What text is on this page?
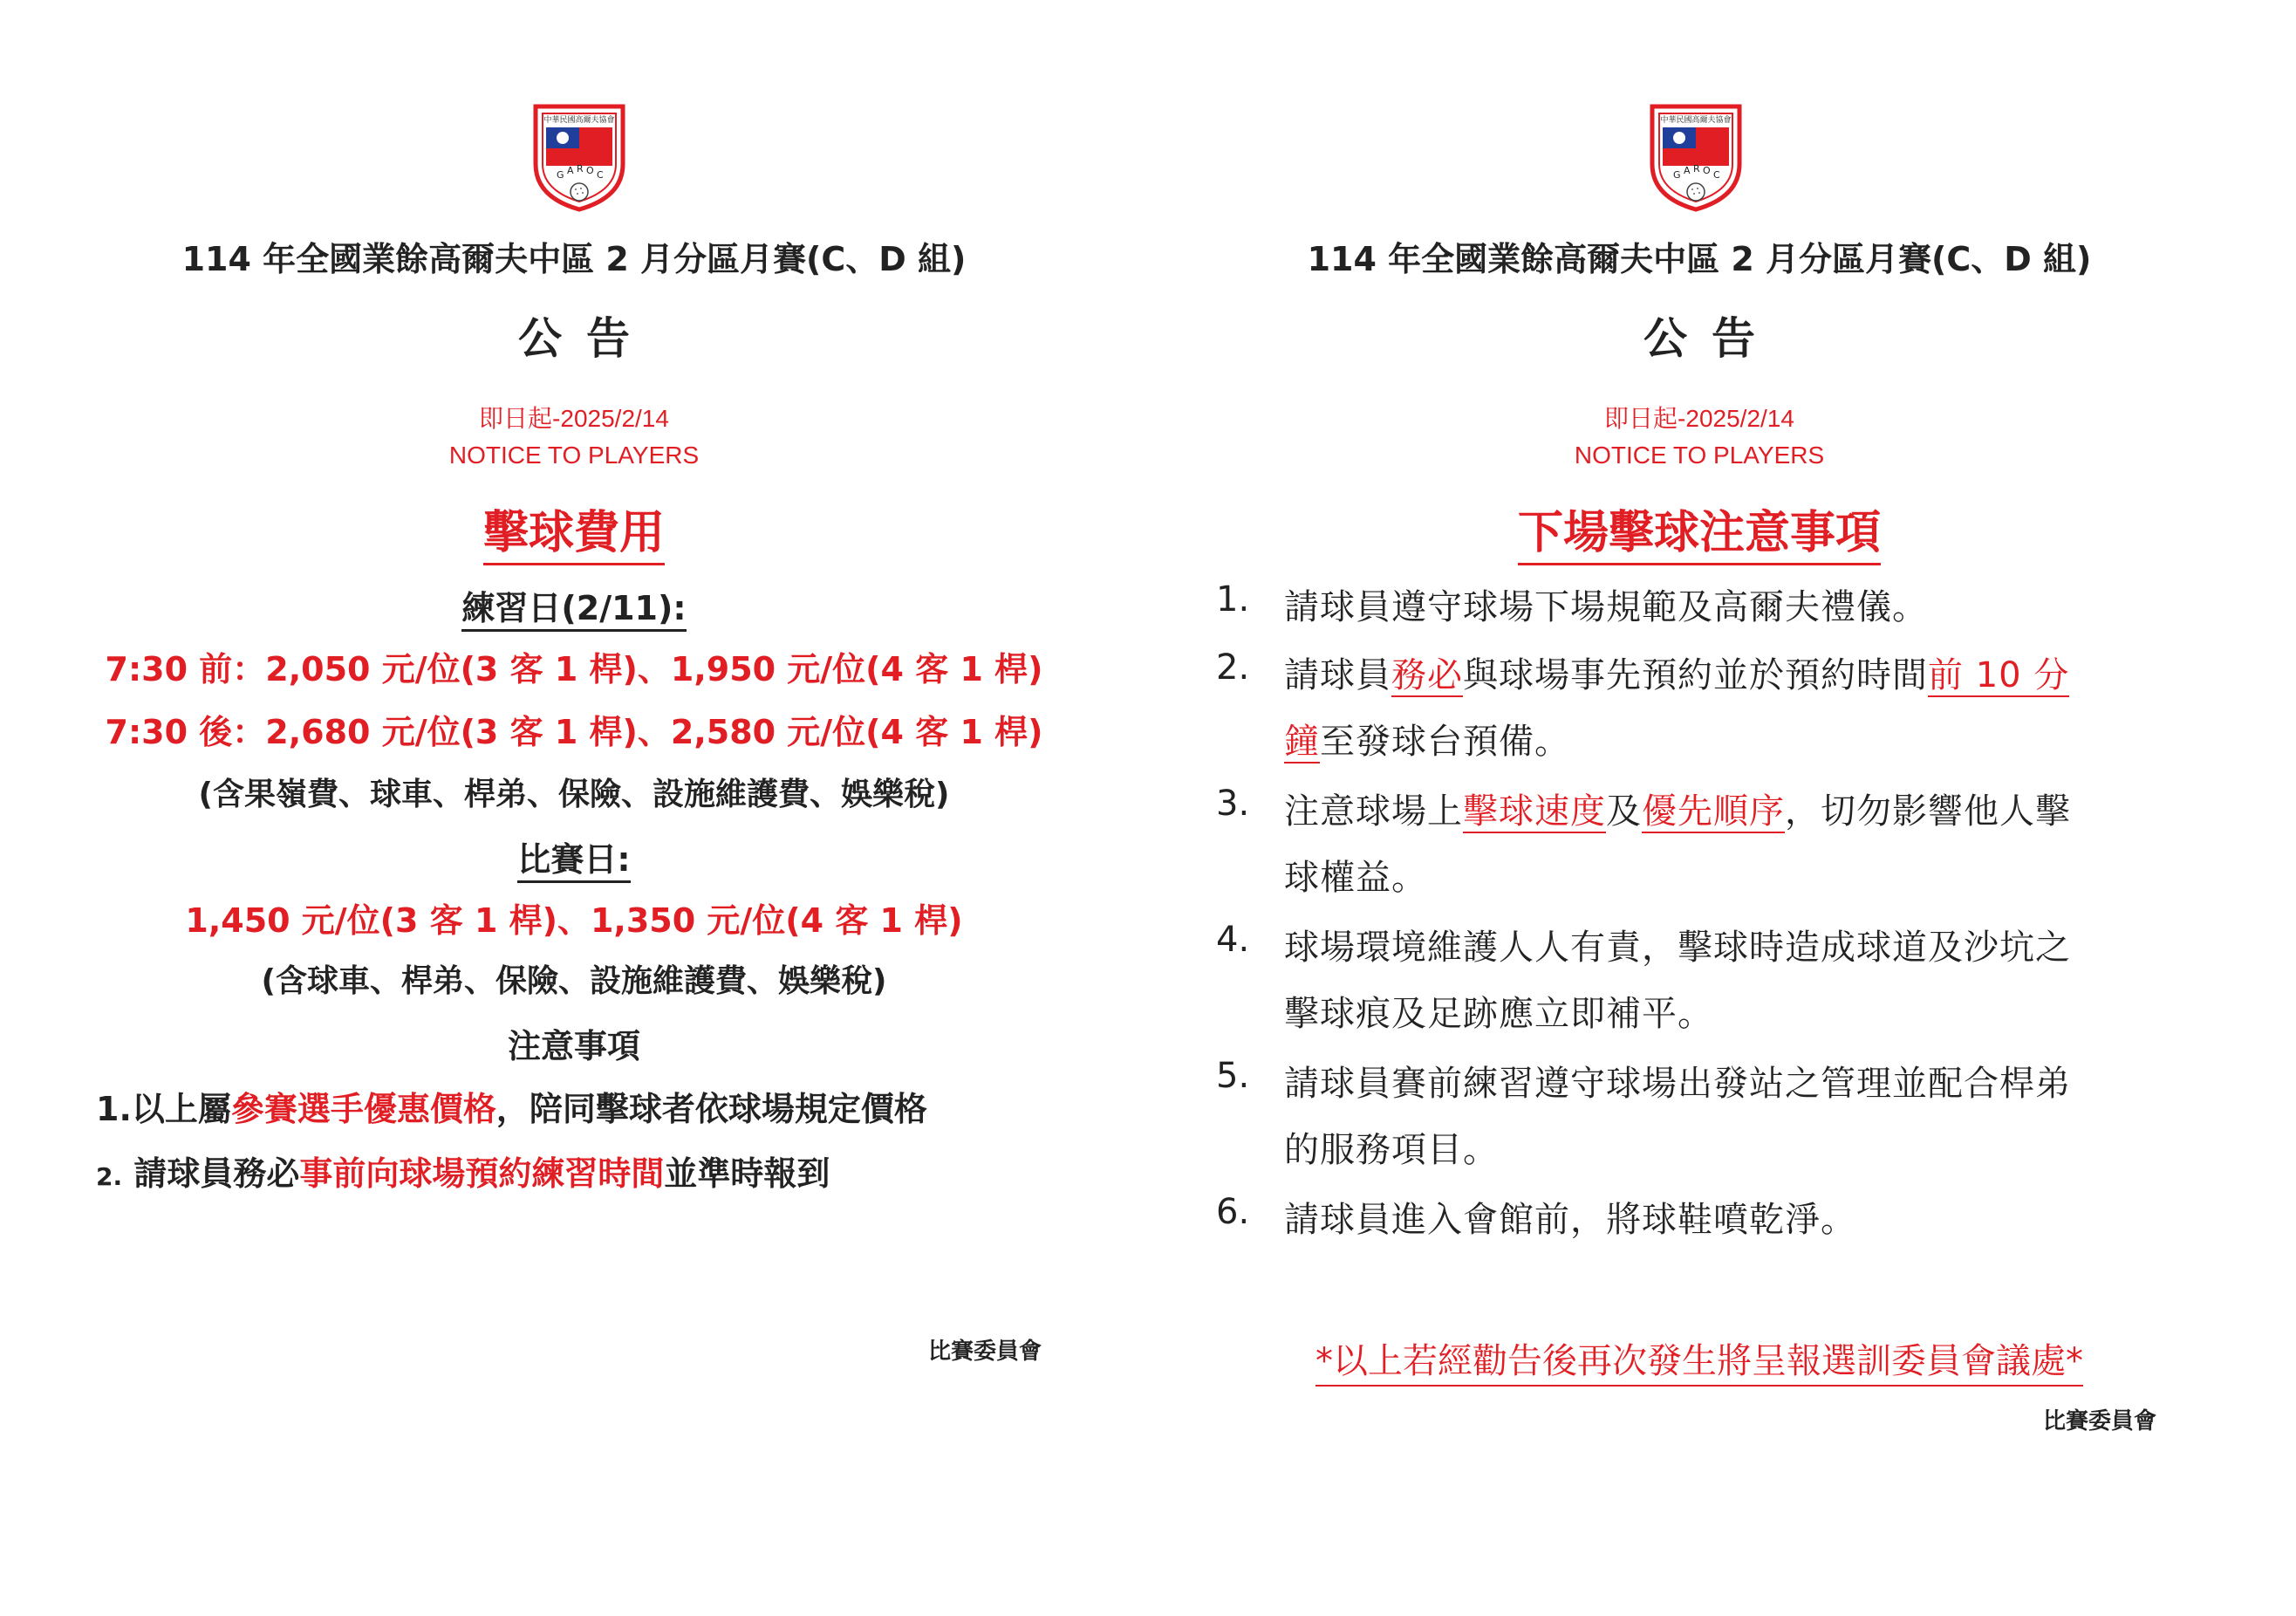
中華民國高爾夫協會
G A R O C
114 年全國業餘高爾夫中區 2 月分區月賽(C、D 組)
公告
即日起-2025/2/14
NOTICE TO PLAYERS
擊球費用
練習日(2/11):
7:30 前：2,050 元/位(3 客 1 桿)、1,950 元/位(4 客 1 桿)
7:30 後：2,680 元/位(3 客 1 桿)、2,580 元/位(4 客 1 桿)
(含果嶺費、球車、桿弟、保險、設施維護費、娛樂稅)
比賽日:
1,450 元/位(3 客 1 桿)、1,350 元/位(4 客 1 桿)
(含球車、桿弟、保險、設施維護費、娛樂稅)
注意事項
1.以上屬參賽選手優惠價格，陪同擊球者依球場規定價格
2. 請球員務必事前向球場預約練習時間並準時報到
比賽委員會
中華民國高爾夫協會
G A R O C
114 年全國業餘高爾夫中區 2 月分區月賽(C、D 組)
公告
即日起-2025/2/14
NOTICE TO PLAYERS
下場擊球注意事項
1. 請球員遵守球場下場規範及高爾夫禮儀。
2. 請球員務必與球場事先預約並於預約時間前 10 分
鐘至發球台預備。
3. 注意球場上擊球速度及優先順序，切勿影響他人擊
球權益。
4. 球場環境維護人人有責，擊球時造成球道及沙坑之
擊球痕及足跡應立即補平。
5. 請球員賽前練習遵守球場出發站之管理並配合桿弟
的服務項目。
6. 請球員進入會館前，將球鞋噴乾淨。
*以上若經勸告後再次發生將呈報選訓委員會議處*
比賽委員會
